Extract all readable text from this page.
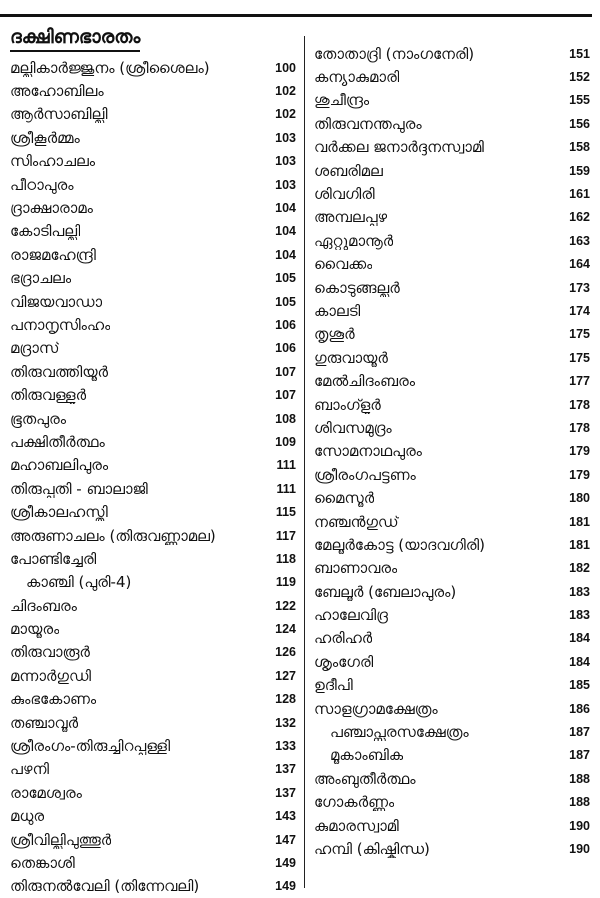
ദക്ഷിണഭാരതം
മല്ലികാർജ്ജുനം (ശ്രീശൈലം)	100
അഹോബിലം	102
ആർസാബില്ലി	102
ശ്രീകൂർമ്മം	103
സിംഹാചലം	103
പീഠാപുരം	103
ദ്രാക്ഷാരാമം	104
കോടിപല്ലി	104
രാജമഹേന്ദ്രി	104
ഭദ്രാചലം	105
വിജയവാഡാ	105
പനാനൃസിംഹം	106
മദ്രാസ്	106
തിരുവത്തിയൂർ	107
തിരുവള്ളൂർ	107
ഭൂതപുരം	108
പക്ഷിതീർത്ഥം	109
മഹാബലിപുരം	111
തിരുപ്പതി - ബാലാജി	111
ശ്രീകാലഹസ്തി	115
അരുണാചലം (തിരുവണ്ണാമല)	117
പോണ്ടിച്ചേരി	118
കാഞ്ചി (പുരി-4)	119
ചിദംബരം	122
മായൂരം	124
തിരുവാരൂർ	126
മന്നാർഗുഡി	127
കുംഭകോണം	128
തഞ്ചാവൂർ	132
ശ്രീരംഗം-തിരുച്ചിറപ്പള്ളി	133
പഴനി	137
രാമേശ്വരം	137
മധുര	143
ശ്രീവില്ലിപുത്തൂർ	147
തെങ്കാശി	149
തിരുനൽവേലി (തിന്നേവലി)	149
തോതാദ്രി (നാംഗനേരി)	151
കന്യാകുമാരി	152
ശുചീന്ദ്രം	155
തിരുവനന്തപുരം	156
വർക്കല ജനാർദ്ദനസ്വാമി	158
ശബരിമല	159
ശിവഗിരി	161
അമ്പലപ്പുഴ	162
ഏറ്റുമാനൂർ	163
വൈക്കം	164
കൊടുങ്ങല്ലൂർ	173
കാലടി	174
തൃശൂർ	175
ഗുരുവായൂർ	175
മേൽചിദംബരം	177
ബാംഗ്ളൂർ	178
ശിവസമുദ്രം	178
സോമനാഥപുരം	179
ശ്രീരംഗപട്ടണം	179
മൈസൂർ	180
നഞ്ചൻഗുഡ്	181
മേലൂർകോട്ട (യാദവഗിരി)	181
ബാണാവരം	182
ബേലൂർ (ബേലാപുരം)	183
ഹാലേവിദ്ര	183
ഹരിഹർ	184
ശൃംഗേരി	184
ഉദീപി	185
സാളഗ്രാമക്ഷേത്രം	186
പഞ്ചാപ്സരസക്ഷേത്രം	187
മൂകാംബിക	187
അംബുതീർത്ഥം	188
ഗോകർണ്ണം	188
കുമാരസ്വാമി	190
ഹമ്പി (കിഷ്കിന്ധ)	190
